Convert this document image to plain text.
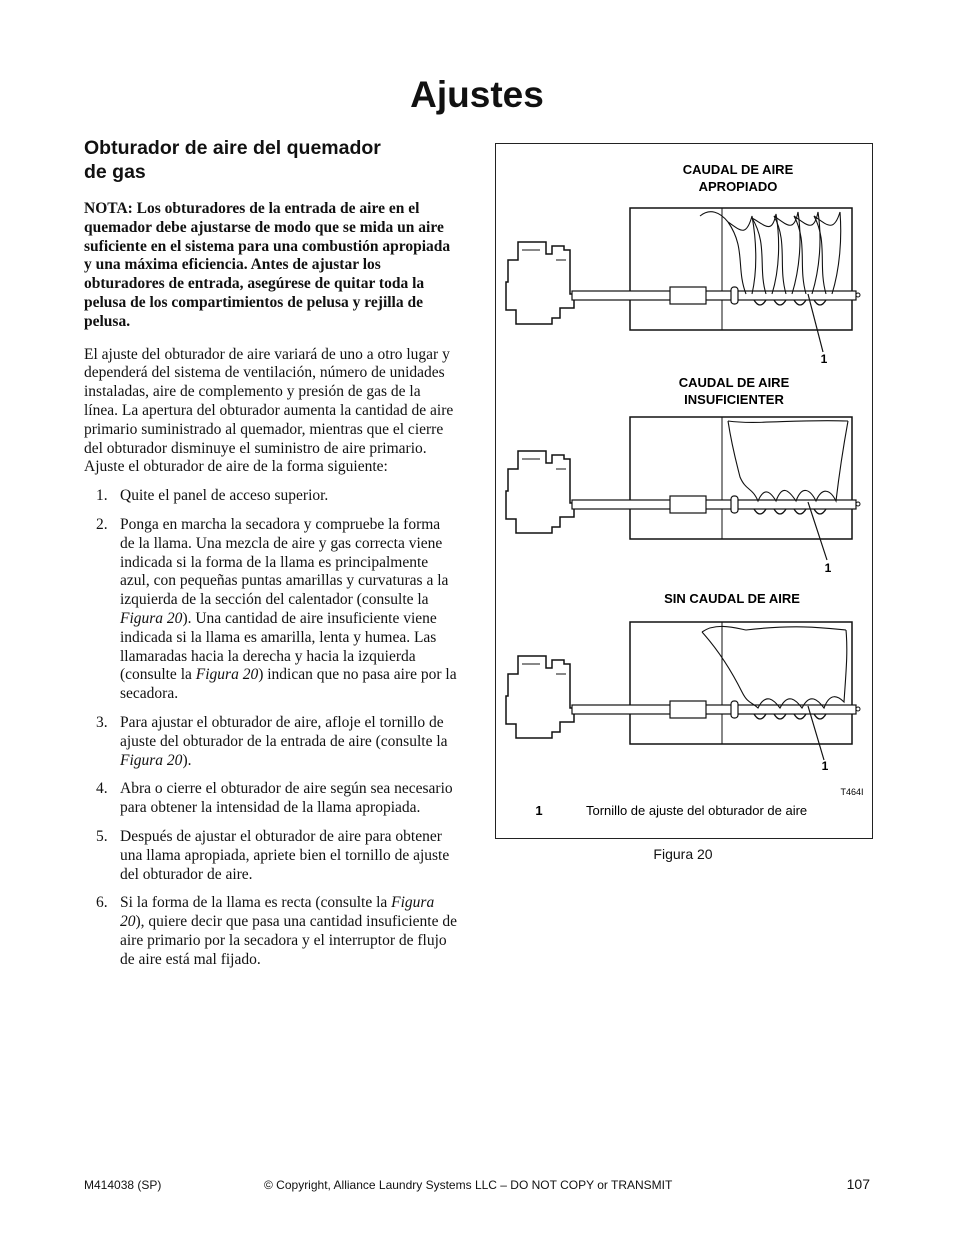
Ajustes
Obturador de aire del quemador
de gas

NOTA: Los obturadores de la entrada de aire en el quemador debe ajustarse de modo que se mida un aire suficiente en el sistema para una combustión apropiada y una máxima eficiencia. Antes de ajustar los obturadores de entrada, asegúrese de quitar toda la pelusa de los compartimientos de pelusa y rejilla de pelusa.

El ajuste del obturador de aire variará de uno a otro lugar y dependerá del sistema de ventilación, número de unidades instaladas, aire de complemento y presión de gas de la línea. La apertura del obturador aumenta la cantidad de aire primario suministrado al quemador, mientras que el cierre del obturador disminuye el suministro de aire primario. Ajuste el obturador de aire de la forma siguiente:

1. Quite el panel de acceso superior.
2. Ponga en marcha la secadora y compruebe la forma de la llama. Una mezcla de aire y gas correcta viene indicada si la forma de la llama es principalmente azul, con pequeñas puntas amarillas y curvaturas a la izquierda de la sección del calentador (consulte la Figura 20). Una cantidad de aire insuficiente viene indicada si la llama es amarilla, lenta y humea. Las llamaradas hacia la derecha y hacia la izquierda (consulte la Figura 20) indican que no pasa aire por la secadora.
3. Para ajustar el obturador de aire, afloje el tornillo de ajuste del obturador de la entrada de aire (consulte la Figura 20).
4. Abra o cierre el obturador de aire según sea necesario para obtener la intensidad de la llama apropiada.
5. Después de ajustar el obturador de aire para obtener una llama apropiada, apriete bien el tornillo de ajuste del obturador de aire.
6. Si la forma de la llama es recta (consulte la Figura 20), quiere decir que pasa una cantidad insuficiente de aire primario por la secadora y el interruptor de flujo de aire está mal fijado.
CAUDAL DE AIRE
APROPIADO
1
CAUDAL DE AIRE
INSUFICIENTER
1
SIN CAUDAL DE AIRE
1
T464I
1	Tornillo de ajuste del obturador de aire
Figura 20
M414038 (SP)	© Copyright, Alliance Laundry Systems LLC – DO NOT COPY or TRANSMIT	107
